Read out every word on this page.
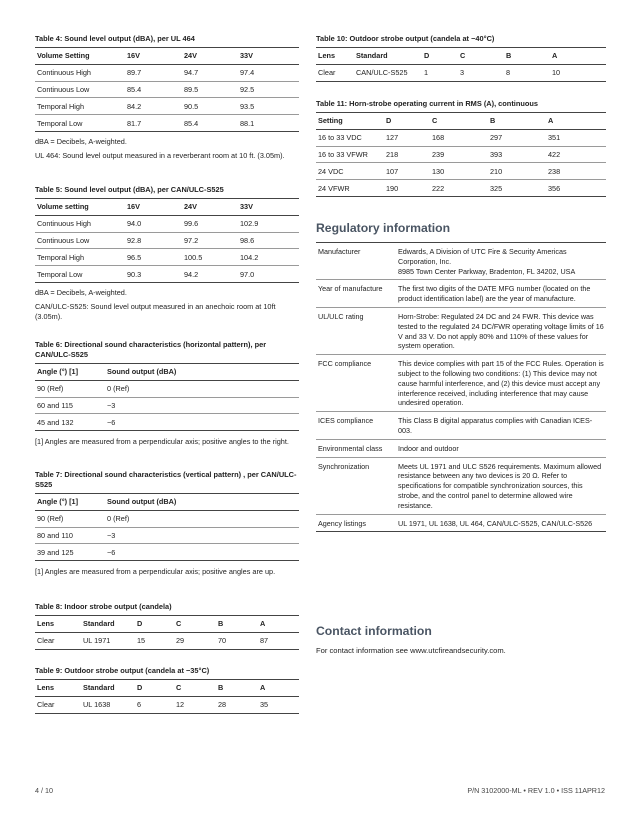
Table 4: Sound level output (dBA), per UL 464
Volume Setting	16V	24V	33V
Continuous High	89.7	94.7	97.4
Continuous Low	85.4	89.5	92.5
Temporal High	84.2	90.5	93.5
Temporal Low	81.7	85.4	88.1
dBA = Decibels, A-weighted.
UL 464: Sound level output measured in a reverberant room at 10 ft. (3.05m).
Table 5: Sound level output (dBA), per CAN/ULC-S525
Volume setting	16V	24V	33V
Continuous High	94.0	99.6	102.9
Continuous Low	92.8	97.2	98.6
Temporal High	96.5	100.5	104.2
Temporal Low	90.3	94.2	97.0
dBA = Decibels, A-weighted.
CAN/ULC-S525: Sound level output measured in an anechoic room at 10ft (3.05m).
Table 6: Directional sound characteristics (horizontal pattern), per CAN/ULC-S525
Angle (°) [1]	Sound output (dBA)
90 (Ref)	0 (Ref)
60 and 115	−3
45 and 132	−6
[1] Angles are measured from a perpendicular axis; positive angles to the right.
Table 7: Directional sound characteristics (vertical pattern) , per CAN/ULC-S525
Angle (°) [1]	Sound output (dBA)
90 (Ref)	0 (Ref)
80 and 110	−3
39 and 125	−6
[1] Angles are measured from a perpendicular axis; positive angles are up.
Table 8: Indoor strobe output (candela)
Lens	Standard	D	C	B	A
Clear	UL 1971	15	29	70	87
Table 9: Outdoor strobe output (candela at −35°C)
Lens	Standard	D	C	B	A
Clear	UL 1638	6	12	28	35
Table 10: Outdoor strobe output (candela at −40°C)
Lens	Standard	D	C	B	A
Clear	CAN/ULC-S525	1	3	8	10
Table 11: Horn-strobe operating current in RMS (A), continuous
Setting	D	C	B	A
16 to 33 VDC	127	168	297	351
16 to 33 VFWR	218	239	393	422
24 VDC	107	130	210	238
24 VFWR	190	222	325	356
Regulatory information
Manufacturer	Edwards, A Division of UTC Fire & Security Americas Corporation, Inc.
8985 Town Center Parkway, Bradenton, FL 34202, USA
Year of manufacture	The first two digits of the DATE MFG number (located on the product identification label) are the year of manufacture.
UL/ULC rating	Horn-Strobe: Regulated 24 DC and 24 FWR. This device was tested to the regulated 24 DC/FWR operating voltage limits of 16 V and 33 V. Do not apply 80% and 110% of these values for system operation.
FCC compliance	This device complies with part 15 of the FCC Rules. Operation is subject to the following two conditions: (1) This device may not cause harmful interference, and (2) this device must accept any interference received, including interference that may cause undesired operation.
ICES compliance	This Class B digital apparatus complies with Canadian ICES-003.
Environmental class	Indoor and outdoor
Synchronization	Meets UL 1971 and ULC S526 requirements. Maximum allowed resistance between any two devices is 20 Ω. Refer to specifications for compatible synchronization sources, this strobe, and the control panel to determine allowed wire resistance.
Agency listings	UL 1971, UL 1638, UL 464, CAN/ULC-S525, CAN/ULC-S526
Contact information
For contact information see www.utcfireandsecurity.com.
4 / 10	P/N 3102000-ML • REV 1.0 • ISS 11APR12
